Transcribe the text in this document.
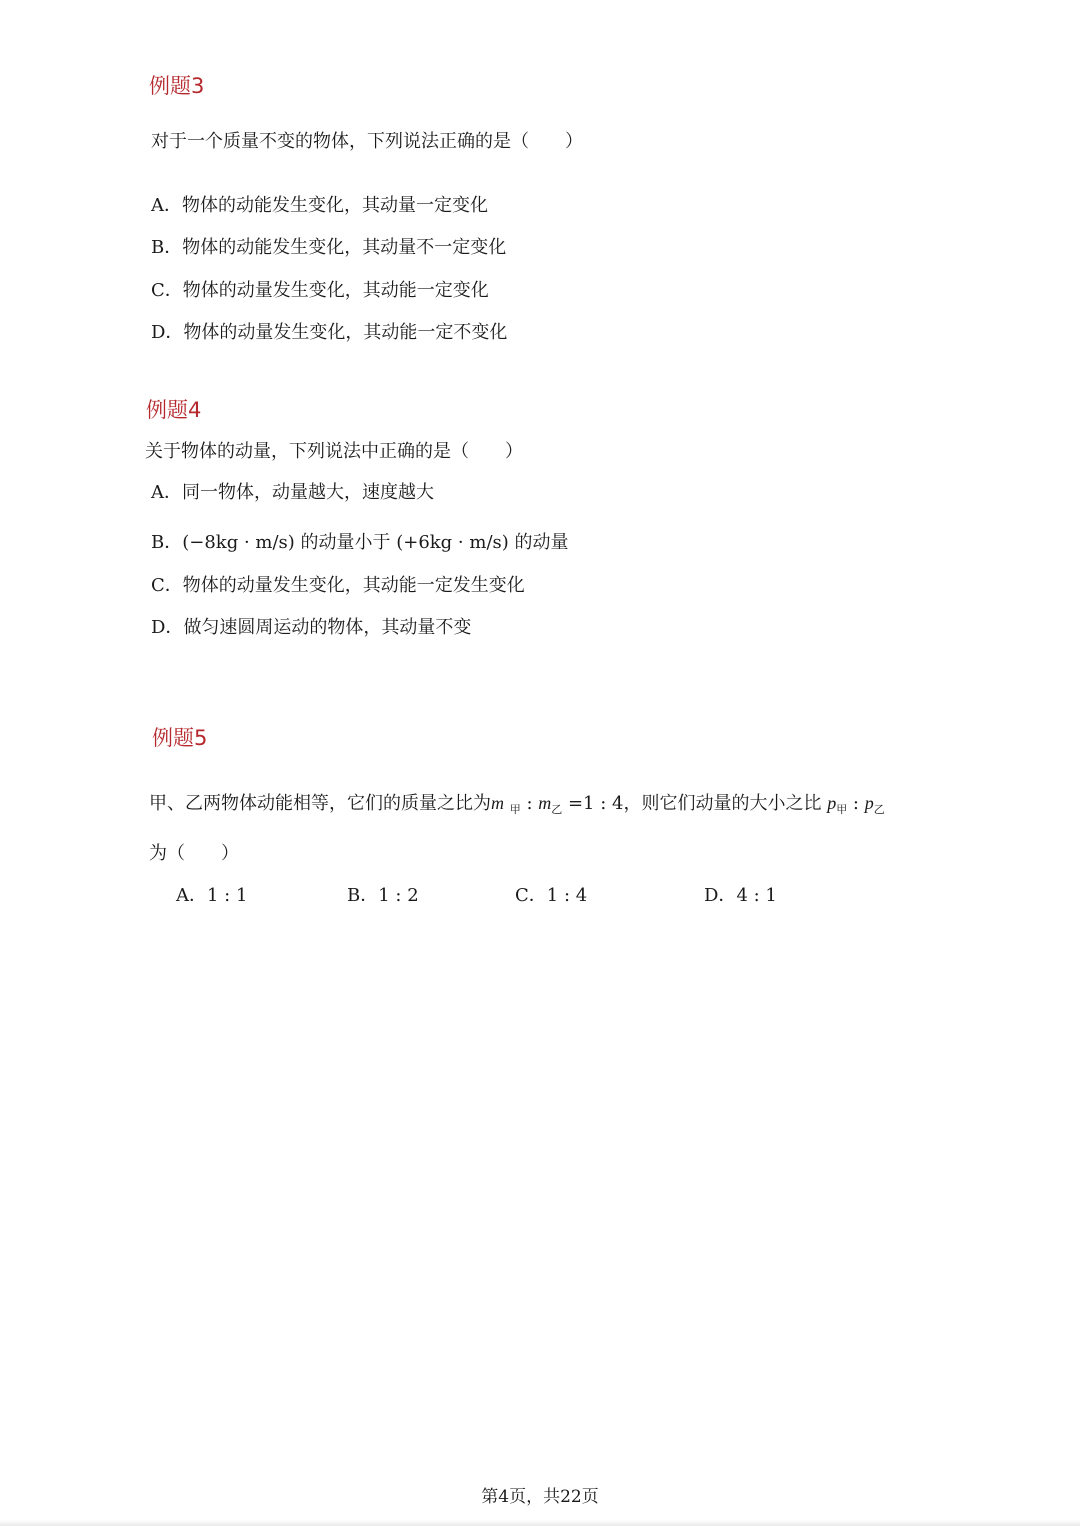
例题3
对于一个质量不变的物体，下列说法正确的是（　　）
A．物体的动能发生变化，其动量一定变化
B．物体的动能发生变化，其动量不一定变化
C．物体的动量发生变化，其动能一定变化
D．物体的动量发生变化，其动能一定不变化
例题4
关于物体的动量，下列说法中正确的是（　　）
A．同一物体，动量越大，速度越大
B．(−8kg · m/s) 的动量小于 (+6kg · m/s) 的动量
C．物体的动量发生变化，其动能一定发生变化
D．做匀速圆周运动的物体，其动量不变
例题5
甲、乙两物体动能相等，它们的质量之比为m $_甲$ : $m_乙 =1$ : 4，则它们动量的大小之比 $p_甲$ : $p_乙$
为（　　）
A．1 : 1	B．1 : 2	C．1 : 4	D．4 : 1
第4页，共22页
